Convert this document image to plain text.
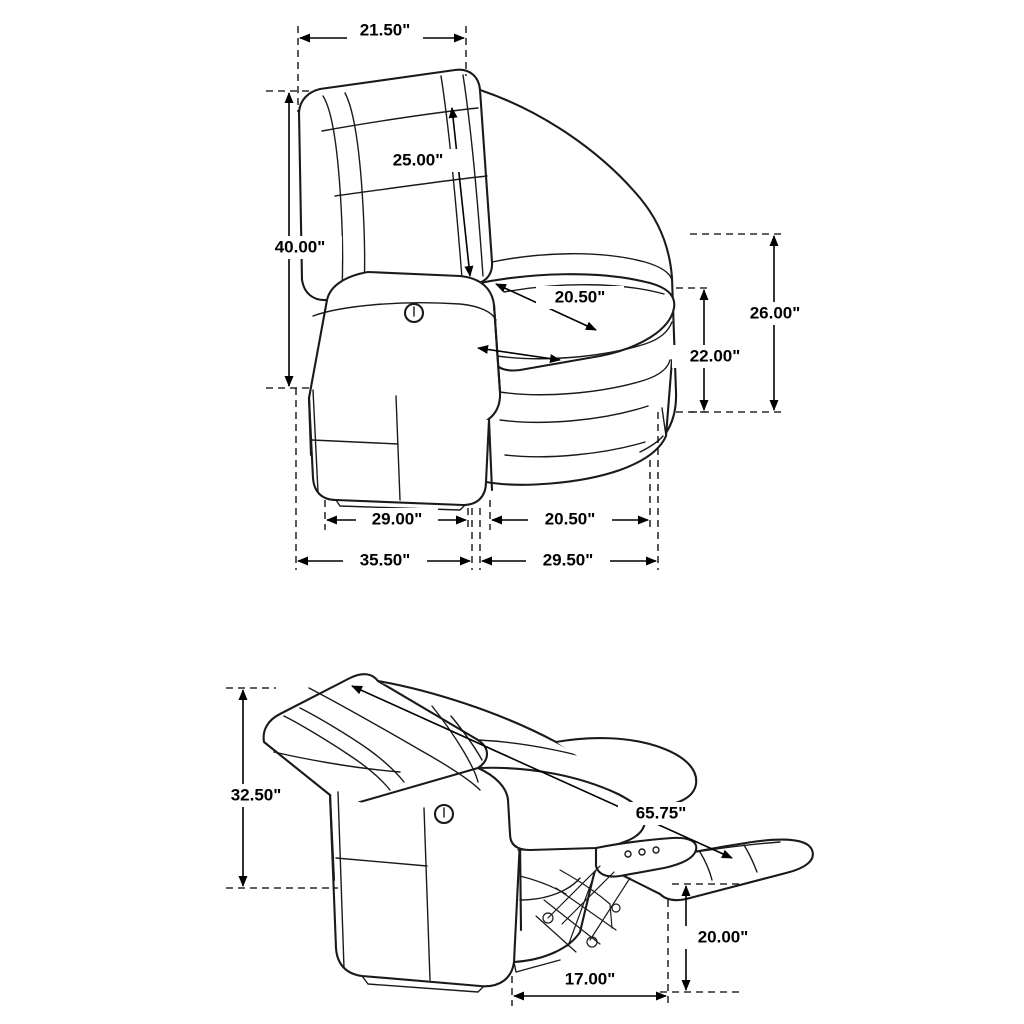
21.50"
25.00"
40.00"
20.50"
22.00"
26.00"
29.00"	20.50"
35.50"	29.50"
32.50"
65.75"
20.00"
17.00"
